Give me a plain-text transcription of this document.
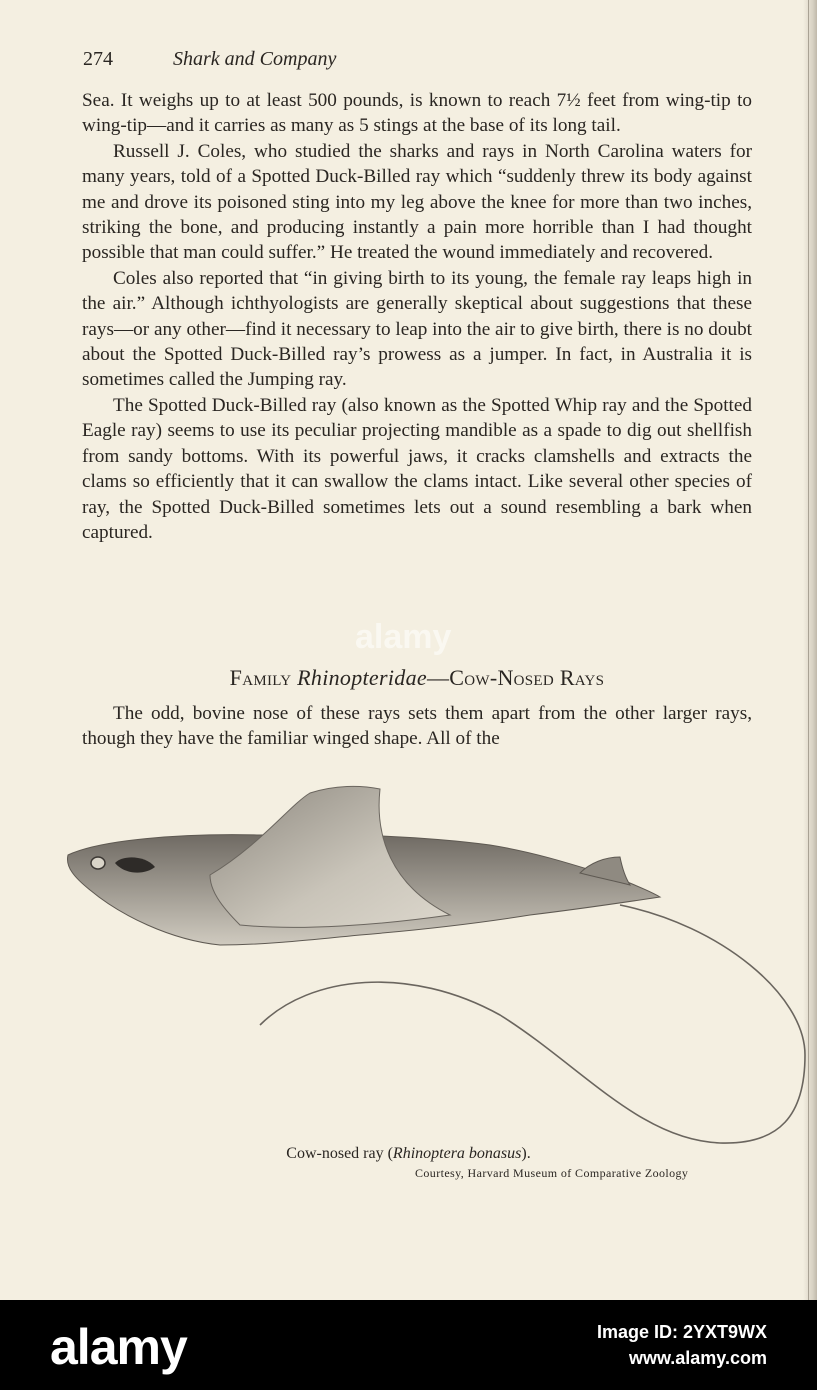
274	Shark and Company

Sea. It weighs up to at least 500 pounds, is known to reach 7½ feet from wing-tip to wing-tip—and it carries as many as 5 stings at the base of its long tail.

Russell J. Coles, who studied the sharks and rays in North Carolina waters for many years, told of a Spotted Duck-Billed ray which “suddenly threw its body against me and drove its poisoned sting into my leg above the knee for more than two inches, striking the bone, and producing instantly a pain more horrible than I had thought possible that man could suffer.” He treated the wound immediately and recovered.

Coles also reported that “in giving birth to its young, the female ray leaps high in the air.” Although ichthyologists are generally skeptical about suggestions that these rays—or any other—find it necessary to leap into the air to give birth, there is no doubt about the Spotted Duck-Billed ray’s prowess as a jumper. In fact, in Australia it is sometimes called the Jumping ray.

The Spotted Duck-Billed ray (also known as the Spotted Whip ray and the Spotted Eagle ray) seems to use its peculiar projecting mandible as a spade to dig out shellfish from sandy bottoms. With its powerful jaws, it cracks clamshells and extracts the clams so efficiently that it can swallow the clams intact. Like several other species of ray, the Spotted Duck-Billed sometimes lets out a sound resembling a bark when captured.

alamy
Family Rhinopteridae—Cow-Nosed Rays

The odd, bovine nose of these rays sets them apart from the other larger rays, though they have the familiar winged shape. All of the

Cow-nosed ray (Rhinoptera bonasus).
Courtesy, Harvard Museum of Comparative Zoology
alamy	Image ID: 2YXT9WX
www.alamy.com
